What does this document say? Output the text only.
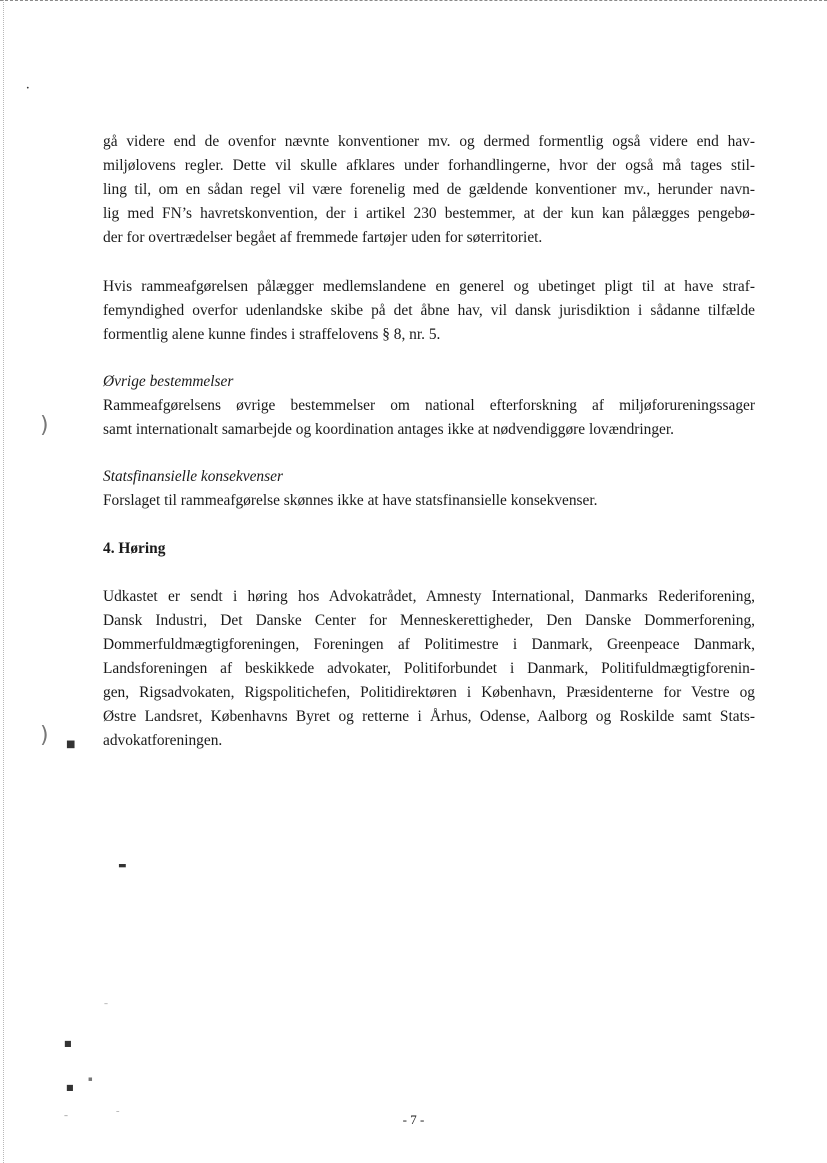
•
)
) ■
▬
–
■
■
▪
–	–
gå videre end de ovenfor nævnte konventioner mv. og dermed formentlig også videre end hav-
miljølovens regler. Dette vil skulle afklares under forhandlingerne, hvor der også må tages stil-
ling til, om en sådan regel vil være forenelig med de gældende konventioner mv., herunder navn-
lig med FN’s havretskonvention, der i artikel 230 bestemmer, at der kun kan pålægges pengebø-
der for overtrædelser begået af fremmede fartøjer uden for søterritoriet.
Hvis rammeafgørelsen pålægger medlemslandene en generel og ubetinget pligt til at have straf-
femyndighed overfor udenlandske skibe på det åbne hav, vil dansk jurisdiktion i sådanne tilfælde
formentlig alene kunne findes i straffelovens § 8, nr. 5.
Øvrige bestemmelser
Rammeafgørelsens øvrige bestemmelser om national efterforskning af miljøforureningssager
samt internationalt samarbejde og koordination antages ikke at nødvendiggøre lovændringer.
Statsfinansielle konsekvenser
Forslaget til rammeafgørelse skønnes ikke at have statsfinansielle konsekvenser.
4. Høring
Udkastet er sendt i høring hos Advokatrådet, Amnesty International, Danmarks Rederiforening,
Dansk Industri, Det Danske Center for Menneskerettigheder, Den Danske Dommerforening,
Dommerfuldmægtigforeningen, Foreningen af Politimestre i Danmark, Greenpeace Danmark,
Landsforeningen af beskikkede advokater, Politiforbundet i Danmark, Politifuldmægtigforenin-
gen, Rigsadvokaten, Rigspolitichefen, Politidirektøren i København, Præsidenterne for Vestre og
Østre Landsret, Københavns Byret og retterne i Århus, Odense, Aalborg og Roskilde samt Stats-
advokatforeningen.
- 7 -
